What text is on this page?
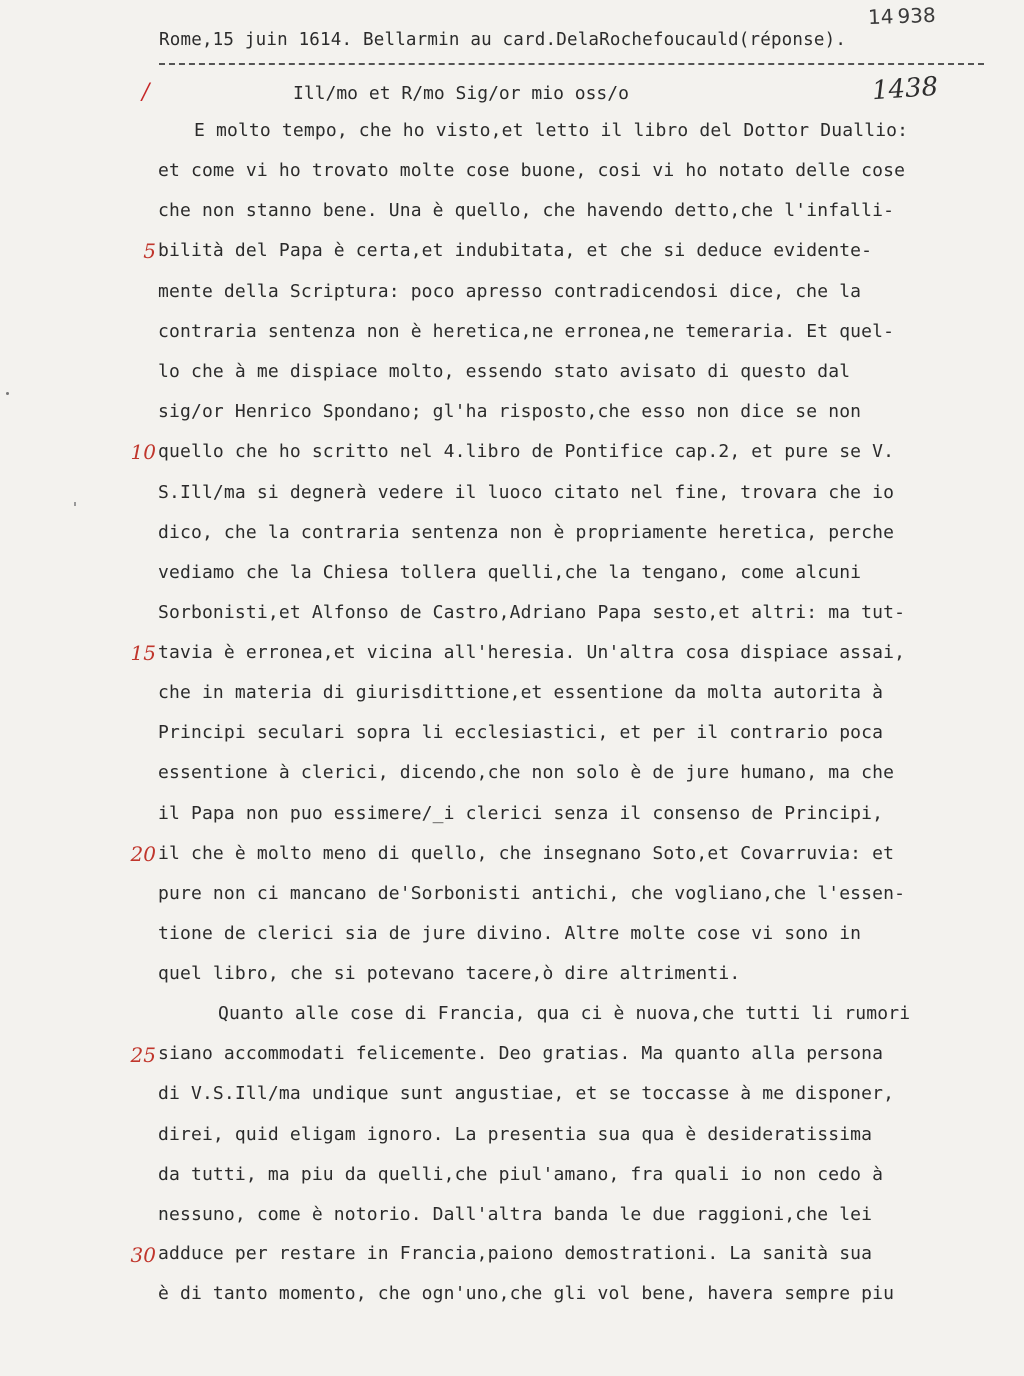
14 938
Rome,15 juin 1614. Bellarmin au card.DelaRochefoucauld(réponse).
/	Ill/mo et R/mo Sig/or mio oss/o	1438
5
10
15
20
25
30
E molto tempo, che ho visto,et letto il libro del Dottor Duallio:
et come vi ho trovato molte cose buone, cosi vi ho notato delle cose
che non stanno bene. Una è quello, che havendo detto,che l'infalli-
bilità del Papa è certa,et indubitata, et che si deduce evidente-
mente della Scriptura: poco apresso contradicendosi dice, che la
contraria sentenza non è heretica,ne erronea,ne temeraria. Et quel-
lo che à me dispiace molto, essendo stato avisato di questo dal
sig/or Henrico Spondano; gl'ha risposto,che esso non dice se non
quello che ho scritto nel 4.libro de Pontifice cap.2, et pure se V.
S.Ill/ma si degnerà vedere il luoco citato nel fine, trovara che io
dico, che la contraria sentenza non è propriamente heretica, perche
vediamo che la Chiesa tollera quelli,che la tengano, come alcuni
Sorbonisti,et Alfonso de Castro,Adriano Papa sesto,et altri: ma tut-
tavia è erronea,et vicina all'heresia. Un'altra cosa dispiace assai,
che in materia di giurisdittione,et essentione da molta autorita à
Principi seculari sopra li ecclesiastici, et per il contrario poca
essentione à clerici, dicendo,che non solo è de jure humano, ma che
il Papa non puo essimere/_i clerici senza il consenso de Principi,
il che è molto meno di quello, che insegnano Soto,et Covarruvia: et
pure non ci mancano de'Sorbonisti antichi, che vogliano,che l'essen-
tione de clerici sia de jure divino. Altre molte cose vi sono in
quel libro, che si potevano tacere,ò dire altrimenti.
Quanto alle cose di Francia, qua ci è nuova,che tutti li rumori
siano accommodati felicemente. Deo gratias. Ma quanto alla persona
di V.S.Ill/ma undique sunt angustiae, et se toccasse à me disponer,
direi, quid eligam ignoro. La presentia sua qua è desideratissima
da tutti, ma piu da quelli,che piul'amano, fra quali io non cedo à
nessuno, come è notorio. Dall'altra banda le due raggioni,che lei
adduce per restare in Francia,paiono demostrationi. La sanità sua
è di tanto momento, che ogn'uno,che gli vol bene, havera sempre piu
